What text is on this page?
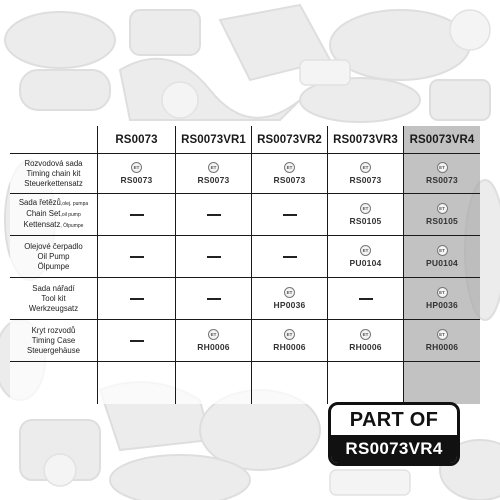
RS0073 RS0073VR1 RS0073VR2 RS0073VR3 RS0073VR4
Rozvodová sada
Timing chain kit
Steuerkettensatz
ET
RS0073
ET
RS0073
ET
RS0073
ET
RS0073
ET
RS0073
Sada řetězů,olej. pumpa
Chain Set,oil pump
Kettensatz, Ölpumpe
ET
RS0105
ET
RS0105
Olejové čerpadlo
Oil Pump
Ölpumpe
ET
PU0104
ET
PU0104
Sada nářadí
Tool kit
Werkzeugsatz
ET
HP0036
ET
HP0036
Kryt rozvodů
Timing Case
Steuergehäuse
ET
RH0006
ET
RH0006
ET
RH0006
ET
RH0006
PART OF
RS0073VR4
